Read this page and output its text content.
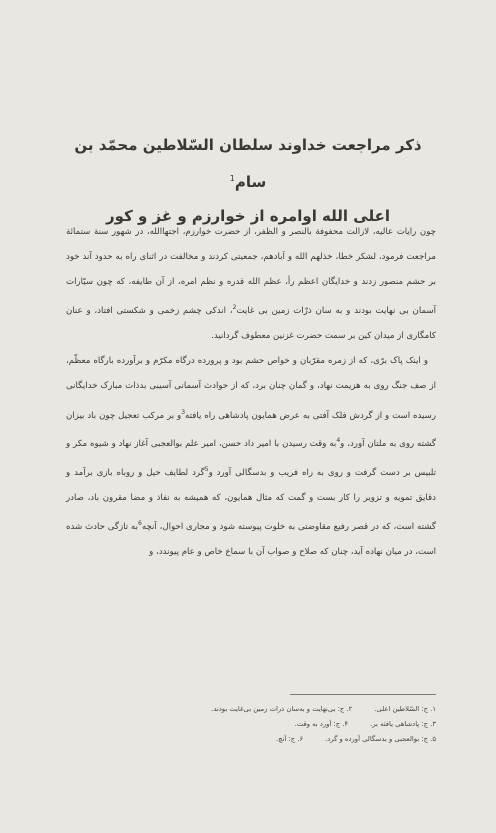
ذکر مراجعت خداوند سلطان السّلاطین محمّد بن سام$^1$
اعلی الله اوامره از خوارزم و غز و کور

چون رایات عالیه، لازالت محفوفة بالنصر و الظفر، از حضرت خوارزم، اجتهاالله، در شهور سنة ستمائة مراجعت فرمود، لشکر خطا، خذلهم الله و اَبادهم، جمعیتی کردند و مخالفت در اثنای راه به حدود آند خود بر حشم منصور زدند و خدایگان اعظم رأ، عظم الله قدره و نظم امره، از آن طایفه، که چون سیّارات آسمان بی نهایت بودند و به سان ذرّات زمین بی غایت$^2$، اندکی چشم زخمی و شکستی افتاد، و عنان کامگاری از میدان کین بر سمت حضرت غزنین معطوف گردانید.

و اینک پاک برّی، که از زمره مقرّبان و خواص حشم بود و پرورده درگاه مکرّم و برآورده بارگاه معظّم، از صف جنگ روی به هزیمت نهاد، و گمان چنان برد، که از حوادث آسمانی آسیبی بدذات مبارک خدایگانی رسیده است و از گردش فلک آفتی به عرض همایون پادشاهی راه یافته$^3$و بر مرکب تعجیل چون باد بیزان گشته روی به ملتان آورد، و$^4$به وقت رسیدن با امیر داد حسن، امیر علم بوالعجبی آغاز نهاد و شیوه مکر و تلبیس بر دست گرفت و روی به راه فریب و بدسگالی آورد و$^5$گرد لطایف حیل و روباه بازی برآمد و دقایق تمویه و تزویر را کار بست و گمت که مثال همایون، که همیشه به نفاذ و مضا مقرون باد، صادر گشته است، که در قصر رفیع مقاوضتی به خلوت پیوسته شود و مجاری احوال، آنچه$^6$به تازگی حادث شده است، در میان نهاده آید، چنان که صلاح و صواب آن با سماع خاص و عام پیوندد، و

۱. ج: السّلاطین اعلی.
۲. ج: بی‌نهایت و به‌سان ذرات زمین بی‌غایت بودند.
۳. ج: پادشاهی یافته بر.
۴. ج: آورد به وقت.
۵. ج: بوالعجبی و بدسگالی آورده و گرد.
۶. ج: آنچ.
